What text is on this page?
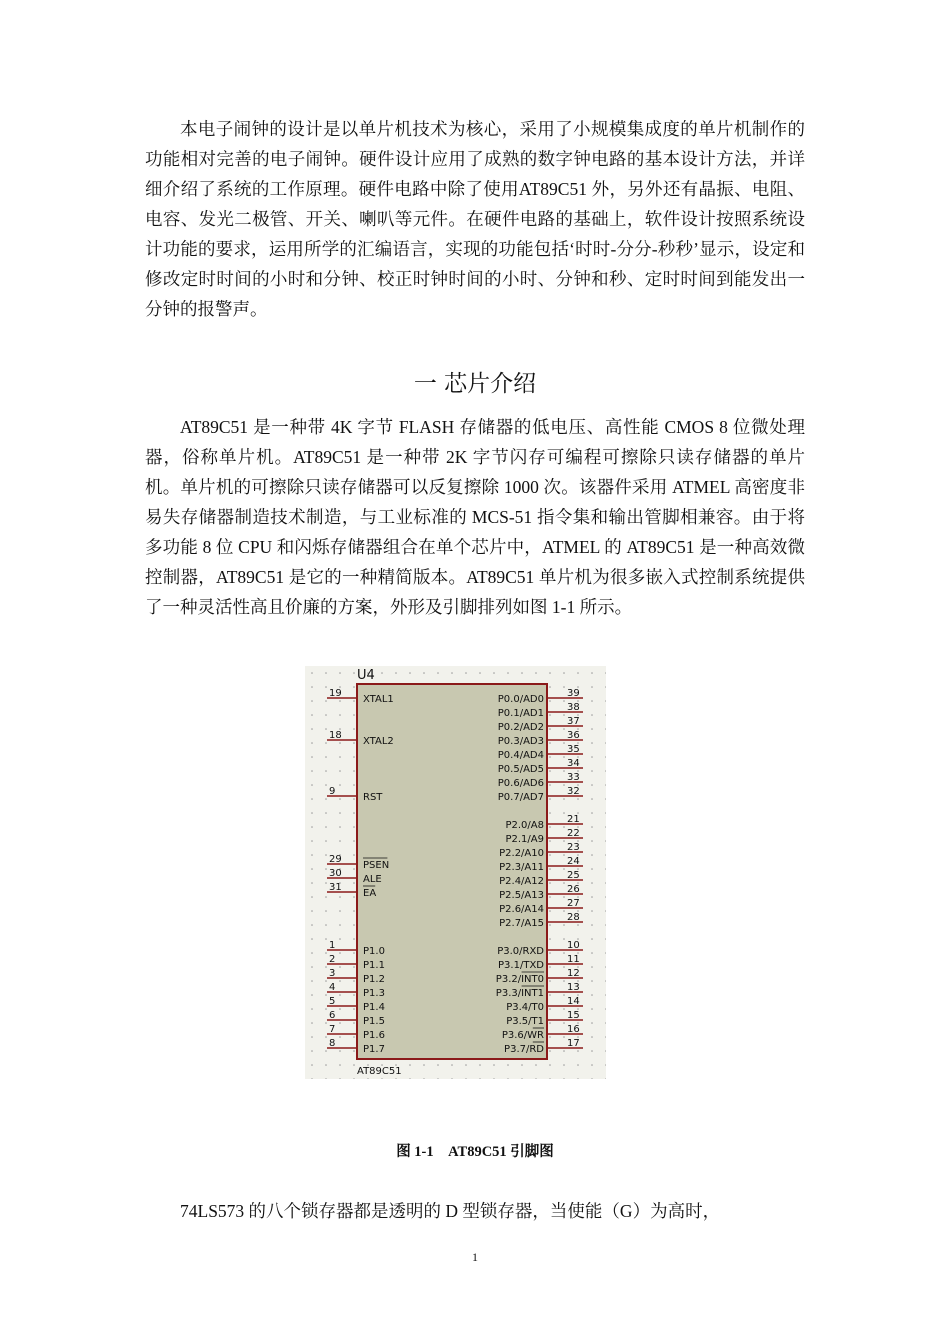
本电子闹钟的设计是以单片机技术为核心，采用了小规模集成度的单片机制作的功能相对完善的电子闹钟。硬件设计应用了成熟的数字钟电路的基本设计方法，并详细介绍了系统的工作原理。硬件电路中除了使用AT89C51 外，另外还有晶振、电阻、电容、发光二极管、开关、喇叭等元件。在硬件电路的基础上，软件设计按照系统设计功能的要求，运用所学的汇编语言，实现的功能包括‘时时-分分-秒秒’显示，设定和修改定时时间的小时和分钟、校正时钟时间的小时、分钟和秒、定时时间到能发出一分钟的报警声。

一 芯片介绍

AT89C51 是一种带 4K 字节 FLASH 存储器的低电压、高性能 CMOS 8 位微处理器，俗称单片机。AT89C51 是一种带 2K 字节闪存可编程可擦除只读存储器的单片机。单片机的可擦除只读存储器可以反复擦除 1000 次。该器件采用 ATMEL 高密度非易失存储器制造技术制造，与工业标准的 MCS-51 指令集和输出管脚相兼容。由于将多功能 8 位 CPU 和闪烁存储器组合在单个芯片中，ATMEL 的 AT89C51 是一种高效微控制器，AT89C51 是它的一种精简版本。AT89C51 单片机为很多嵌入式控制系统提供了一种灵活性高且价廉的方案，外形及引脚排列如图 1-1 所示。

U4
AT89C51
19
XTAL1
18
XTAL2
9
RST
29
PSEN
30
ALE
31
EA
1
P1.0
2
P1.1
3
P1.2
4
P1.3
5
P1.4
6
P1.5
7
P1.6
8
P1.7
39
P0.0/AD0
38
P0.1/AD1
37
P0.2/AD2
36
P0.3/AD3
35
P0.4/AD4
34
P0.5/AD5
33
P0.6/AD6
32
P0.7/AD7
21
P2.0/A8
22
P2.1/A9
23
P2.2/A10
24
P2.3/A11
25
P2.4/A12
26
P2.5/A13
27
P2.6/A14
28
P2.7/A15
10
P3.0/RXD
11
P3.1/TXD
12
P3.2/INT0
13
P3.3/INT1
14
P3.4/T0
15
P3.5/T1
16
P3.6/WR
17
P3.7/RD

图 1-1　AT89C51 引脚图

74LS573 的八个锁存器都是透明的 D 型锁存器，当使能（G）为高时，

1
